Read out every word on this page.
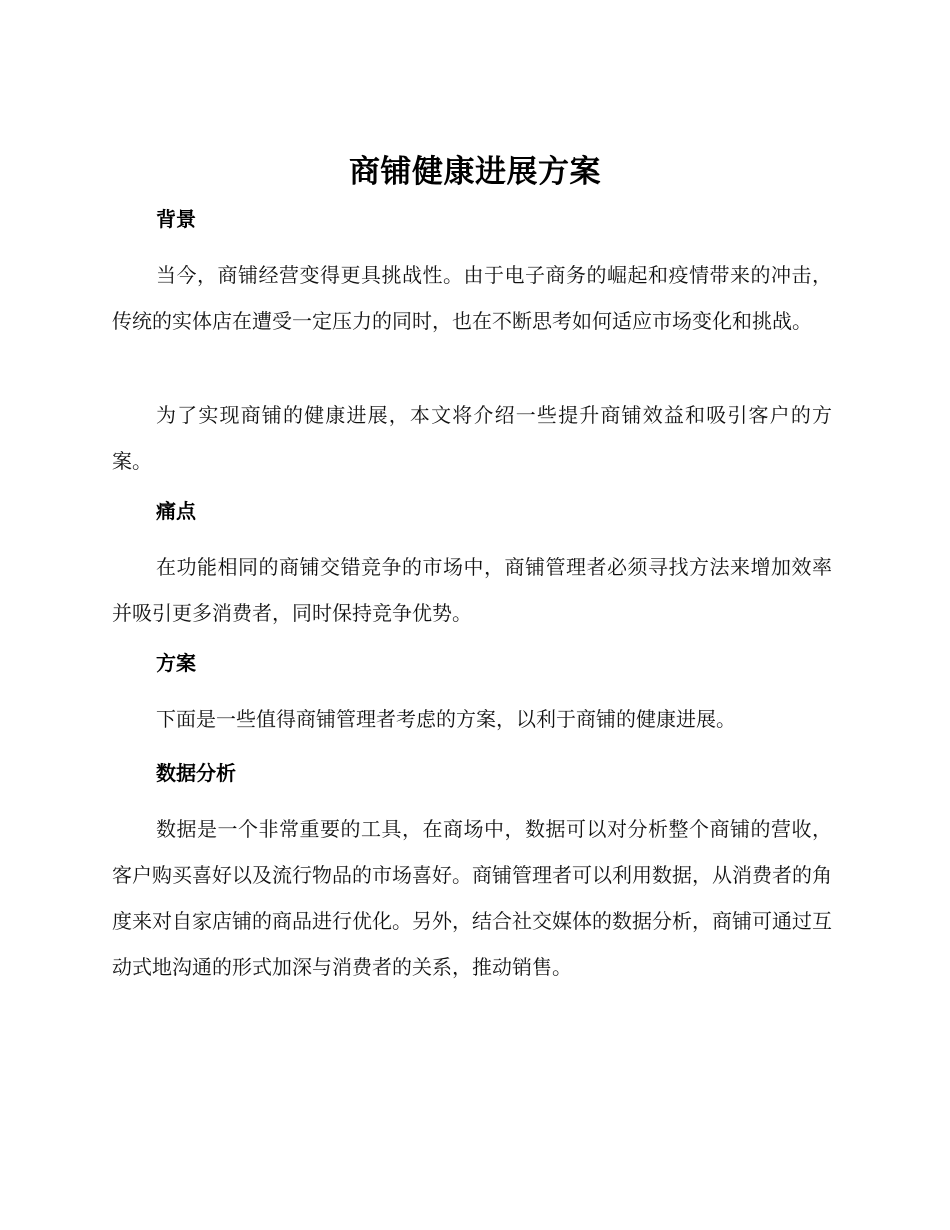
商铺健康进展方案
背景

当今，商铺经营变得更具挑战性。由于电子商务的崛起和疫情带来的冲击，传统的实体店在遭受一定压力的同时，也在不断思考如何适应市场变化和挑战。

为了实现商铺的健康进展，本文将介绍一些提升商铺效益和吸引客户的方案。

痛点

在功能相同的商铺交错竞争的市场中，商铺管理者必须寻找方法来增加效率并吸引更多消费者，同时保持竞争优势。

方案

下面是一些值得商铺管理者考虑的方案，以利于商铺的健康进展。

数据分析

数据是一个非常重要的工具，在商场中，数据可以对分析整个商铺的营收，客户购买喜好以及流行物品的市场喜好。商铺管理者可以利用数据，从消费者的角度来对自家店铺的商品进行优化。另外，结合社交媒体的数据分析，商铺可通过互动式地沟通的形式加深与消费者的关系，推动销售。
